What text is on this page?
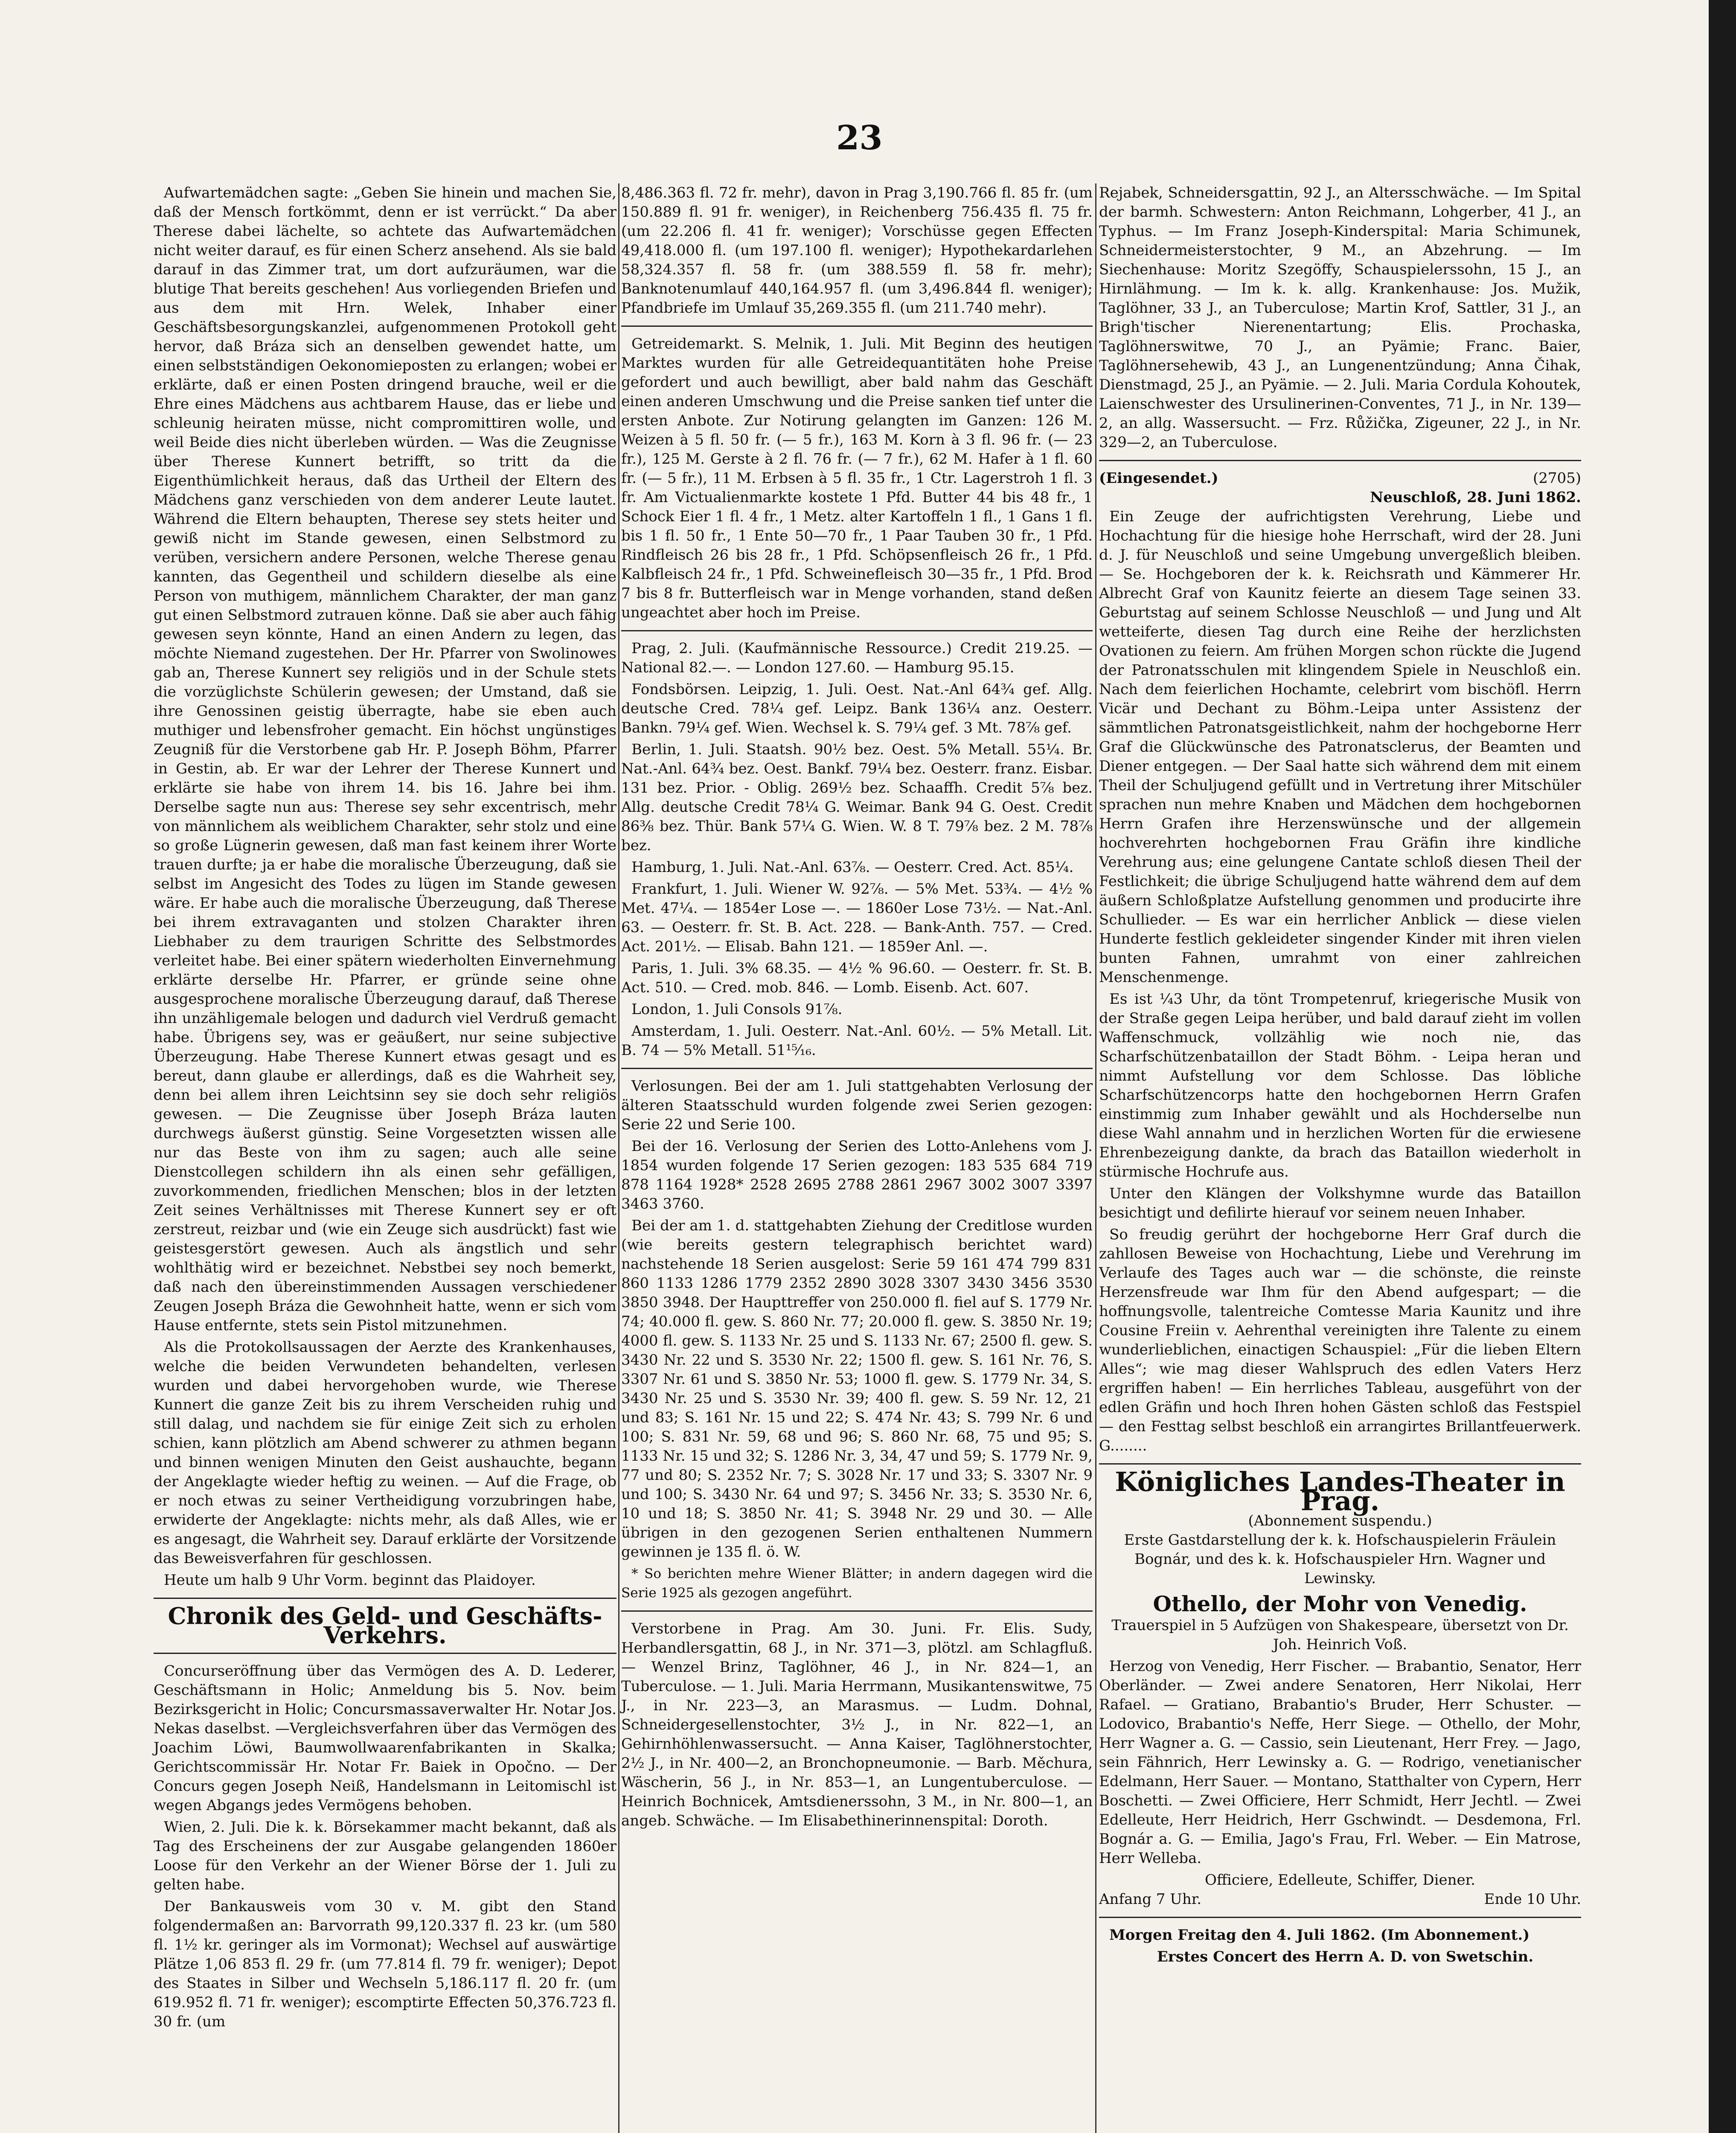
23

Aufwartemädchen sagte: „Geben Sie hinein und machen Sie, daß der Mensch fortkömmt, denn er ist verrückt.“ Da aber Therese dabei lächelte, so achtete das Aufwartemädchen nicht weiter darauf, es für einen Scherz ansehend. Als sie bald darauf in das Zimmer trat, um dort aufzuräumen, war die blutige That bereits geschehen! Aus vorliegenden Briefen und aus dem mit Hrn. Welek, Inhaber einer Geschäftsbesorgungskanzlei, aufgenommenen Protokoll geht hervor, daß Bráza sich an denselben gewendet hatte, um einen selbstständigen Oekonomieposten zu erlangen; wobei er erklärte, daß er einen Posten dringend brauche, weil er die Ehre eines Mädchens aus achtbarem Hause, das er liebe und schleunig heiraten müsse, nicht compromittiren wolle, und weil Beide dies nicht überleben würden. — Was die Zeugnisse über Therese Kunnert betrifft, so tritt da die Eigenthümlichkeit heraus, daß das Urtheil der Eltern des Mädchens ganz verschieden von dem anderer Leute lautet. Während die Eltern behaupten, Therese sey stets heiter und gewiß nicht im Stande gewesen, einen Selbstmord zu verüben, versichern andere Personen, welche Therese genau kannten, das Gegentheil und schildern dieselbe als eine Person von muthigem, männlichem Charakter, der man ganz gut einen Selbstmord zutrauen könne. Daß sie aber auch fähig gewesen seyn könnte, Hand an einen Andern zu legen, das möchte Niemand zugestehen. Der Hr. Pfarrer von Swolinowes gab an, Therese Kunnert sey religiös und in der Schule stets die vorzüglichste Schülerin gewesen; der Umstand, daß sie ihre Genossinen geistig überragte, habe sie eben auch muthiger und lebensfroher gemacht. Ein höchst ungünstiges Zeugniß für die Verstorbene gab Hr. P. Joseph Böhm, Pfarrer in Gestin, ab. Er war der Lehrer der Therese Kunnert und erklärte sie habe von ihrem 14. bis 16. Jahre bei ihm. Derselbe sagte nun aus: Therese sey sehr excentrisch, mehr von männlichem als weiblichem Charakter, sehr stolz und eine so große Lügnerin gewesen, daß man fast keinem ihrer Worte trauen durfte; ja er habe die moralische Überzeugung, daß sie selbst im Angesicht des Todes zu lügen im Stande gewesen wäre. Er habe auch die moralische Überzeugung, daß Therese bei ihrem extravaganten und stolzen Charakter ihren Liebhaber zu dem traurigen Schritte des Selbstmordes verleitet habe. Bei einer spätern wiederholten Einvernehmung erklärte derselbe Hr. Pfarrer, er gründe seine ohne ausgesprochene moralische Überzeugung darauf, daß Therese ihn unzähligemale belogen und dadurch viel Verdruß gemacht habe. Übrigens sey, was er geäußert, nur seine subjective Überzeugung. Habe Therese Kunnert etwas gesagt und es bereut, dann glaube er allerdings, daß es die Wahrheit sey, denn bei allem ihren Leichtsinn sey sie doch sehr religiös gewesen. — Die Zeugnisse über Joseph Bráza lauten durchwegs äußerst günstig. Seine Vorgesetzten wissen alle nur das Beste von ihm zu sagen; auch alle seine Dienstcollegen schildern ihn als einen sehr gefälligen, zuvorkommenden, friedlichen Menschen; blos in der letzten Zeit seines Verhältnisses mit Therese Kunnert sey er oft zerstreut, reizbar und (wie ein Zeuge sich ausdrückt) fast wie geistesgerstört gewesen. Auch als ängstlich und sehr wohlthätig wird er bezeichnet. Nebstbei sey noch bemerkt, daß nach den übereinstimmenden Aussagen verschiedener Zeugen Joseph Bráza die Gewohnheit hatte, wenn er sich vom Hause entfernte, stets sein Pistol mitzunehmen.

Als die Protokollsaussagen der Aerzte des Krankenhauses, welche die beiden Verwundeten behandelten, verlesen wurden und dabei hervorgehoben wurde, wie Therese Kunnert die ganze Zeit bis zu ihrem Verscheiden ruhig und still dalag, und nachdem sie für einige Zeit sich zu erholen schien, kann plötzlich am Abend schwerer zu athmen begann und binnen wenigen Minuten den Geist aushauchte, begann der Angeklagte wieder heftig zu weinen. — Auf die Frage, ob er noch etwas zu seiner Vertheidigung vorzubringen habe, erwiderte der Angeklagte: nichts mehr, als daß Alles, wie er es angesagt, die Wahrheit sey. Darauf erklärte der Vorsitzende das Beweisverfahren für geschlossen.

Heute um halb 9 Uhr Vorm. beginnt das Plaidoyer.

Chronik des Geld- und Geschäfts-Verkehrs.

Concurseröffnung über das Vermögen des A. D. Lederer, Geschäftsmann in Holic; Anmeldung bis 5. Nov. beim Bezirksgericht in Holic; Concursmassaverwalter Hr. Notar Jos. Nekas daselbst. —Vergleichsverfahren über das Vermögen des Joachim Löwi, Baumwollwaarenfabrikanten in Skalka; Gerichtscommissär Hr. Notar Fr. Baiek in Opočno. — Der Concurs gegen Joseph Neiß, Handelsmann in Leitomischl ist wegen Abgangs jedes Vermögens behoben.

Wien, 2. Juli. Die k. k. Börsekammer macht bekannt, daß als Tag des Erscheinens der zur Ausgabe gelangenden 1860er Loose für den Verkehr an der Wiener Börse der 1. Juli zu gelten habe.

Der Bankausweis vom 30 v. M. gibt den Stand folgendermaßen an: Barvorrath 99,120.337 fl. 23 kr. (um 580 fl. 1½ kr. geringer als im Vormonat); Wechsel auf auswärtige Plätze 1,06 853 fl. 29 fr. (um 77.814 fl. 79 fr. weniger); Depot des Staates in Silber und Wechseln 5,186.117 fl. 20 fr. (um 619.952 fl. 71 fr. weniger); escomptirte Effecten 50,376.723 fl. 30 fr. (um

8,486.363 fl. 72 fr. mehr), davon in Prag 3,190.766 fl. 85 fr. (um 150.889 fl. 91 fr. weniger), in Reichenberg 756.435 fl. 75 fr. (um 22.206 fl. 41 fr. weniger); Vorschüsse gegen Effecten 49,418.000 fl. (um 197.100 fl. weniger); Hypothekardarlehen 58,324.357 fl. 58 fr. (um 388.559 fl. 58 fr. mehr); Banknotenumlauf 440,164.957 fl. (um 3,496.844 fl. weniger); Pfandbriefe im Umlauf 35,269.355 fl. (um 211.740 mehr).

Getreidemarkt. S. Melnik, 1. Juli. Mit Beginn des heutigen Marktes wurden für alle Getreidequantitäten hohe Preise gefordert und auch bewilligt, aber bald nahm das Geschäft einen anderen Umschwung und die Preise sanken tief unter die ersten Anbote. Zur Notirung gelangten im Ganzen: 126 M. Weizen à 5 fl. 50 fr. (— 5 fr.), 163 M. Korn à 3 fl. 96 fr. (— 23 fr.), 125 M. Gerste à 2 fl. 76 fr. (— 7 fr.), 62 M. Hafer à 1 fl. 60 fr. (— 5 fr.), 11 M. Erbsen à 5 fl. 35 fr., 1 Ctr. Lagerstroh 1 fl. 3 fr. Am Victualienmarkte kostete 1 Pfd. Butter 44 bis 48 fr., 1 Schock Eier 1 fl. 4 fr., 1 Metz. alter Kartoffeln 1 fl., 1 Gans 1 fl. bis 1 fl. 50 fr., 1 Ente 50—70 fr., 1 Paar Tauben 30 fr., 1 Pfd. Rindfleisch 26 bis 28 fr., 1 Pfd. Schöpsenfleisch 26 fr., 1 Pfd. Kalbfleisch 24 fr., 1 Pfd. Schweinefleisch 30—35 fr., 1 Pfd. Brod 7 bis 8 fr. Butterfleisch war in Menge vorhanden, stand deßen ungeachtet aber hoch im Preise.

Prag, 2. Juli. (Kaufmännische Ressource.) Credit 219.25. — National 82.—. — London 127.60. — Hamburg 95.15.

Fondsbörsen. Leipzig, 1. Juli. Oest. Nat.-Anl 64¾ gef. Allg. deutsche Cred. 78¼ gef. Leipz. Bank 136¼ anz. Oesterr. Bankn. 79¼ gef. Wien. Wechsel k. S. 79¼ gef. 3 Mt. 78⅞ gef.

Berlin, 1. Juli. Staatsh. 90½ bez. Oest. 5% Metall. 55¼. Br. Nat.-Anl. 64¾ bez. Oest. Bankf. 79¼ bez. Oesterr. franz. Eisbar. 131 bez. Prior. - Oblig. 269½ bez. Schaaffh. Credit 5⅞ bez. Allg. deutsche Credit 78¼ G. Weimar. Bank 94 G. Oest. Credit 86⅜ bez. Thür. Bank 57¼ G. Wien. W. 8 T. 79⅞ bez. 2 M. 78⅞ bez.

Hamburg, 1. Juli. Nat.-Anl. 63⅞. — Oesterr. Cred. Act. 85¼.

Frankfurt, 1. Juli. Wiener W. 92⅞. — 5% Met. 53¾. — 4½ % Met. 47¼. — 1854er Lose —. — 1860er Lose 73½. — Nat.-Anl. 63. — Oesterr. fr. St. B. Act. 228. — Bank-Anth. 757. — Cred. Act. 201½. — Elisab. Bahn 121. — 1859er Anl. —.

Paris, 1. Juli. 3% 68.35. — 4½ % 96.60. — Oesterr. fr. St. B. Act. 510. — Cred. mob. 846. — Lomb. Eisenb. Act. 607.

London, 1. Juli Consols 91⅞.

Amsterdam, 1. Juli. Oesterr. Nat.-Anl. 60½. — 5% Metall. Lit. B. 74 — 5% Metall. 51¹⁵⁄₁₆.

Verlosungen. Bei der am 1. Juli stattgehabten Verlosung der älteren Staatsschuld wurden folgende zwei Serien gezogen: Serie 22 und Serie 100.

Bei der 16. Verlosung der Serien des Lotto-Anlehens vom J. 1854 wurden folgende 17 Serien gezogen: 183 535 684 719 878 1164 1928* 2528 2695 2788 2861 2967 3002 3007 3397 3463 3760.

Bei der am 1. d. stattgehabten Ziehung der Creditlose wurden (wie bereits gestern telegraphisch berichtet ward) nachstehende 18 Serien ausgelost: Serie 59 161 474 799 831 860 1133 1286 1779 2352 2890 3028 3307 3430 3456 3530 3850 3948. Der Haupttreffer von 250.000 fl. fiel auf S. 1779 Nr. 74; 40.000 fl. gew. S. 860 Nr. 77; 20.000 fl. gew. S. 3850 Nr. 19; 4000 fl. gew. S. 1133 Nr. 25 und S. 1133 Nr. 67; 2500 fl. gew. S. 3430 Nr. 22 und S. 3530 Nr. 22; 1500 fl. gew. S. 161 Nr. 76, S. 3307 Nr. 61 und S. 3850 Nr. 53; 1000 fl. gew. S. 1779 Nr. 34, S. 3430 Nr. 25 und S. 3530 Nr. 39; 400 fl. gew. S. 59 Nr. 12, 21 und 83; S. 161 Nr. 15 und 22; S. 474 Nr. 43; S. 799 Nr. 6 und 100; S. 831 Nr. 59, 68 und 96; S. 860 Nr. 68, 75 und 95; S. 1133 Nr. 15 und 32; S. 1286 Nr. 3, 34, 47 und 59; S. 1779 Nr. 9, 77 und 80; S. 2352 Nr. 7; S. 3028 Nr. 17 und 33; S. 3307 Nr. 9 und 100; S. 3430 Nr. 64 und 97; S. 3456 Nr. 33; S. 3530 Nr. 6, 10 und 18; S. 3850 Nr. 41; S. 3948 Nr. 29 und 30. — Alle übrigen in den gezogenen Serien enthaltenen Nummern gewinnen je 135 fl. ö. W.

* So berichten mehre Wiener Blätter; in andern dagegen wird die Serie 1925 als gezogen angeführt.

Verstorbene in Prag. Am 30. Juni. Fr. Elis. Sudy, Herbandlersgattin, 68 J., in Nr. 371—3, plötzl. am Schlagfluß. — Wenzel Brinz, Taglöhner, 46 J., in Nr. 824—1, an Tuberculose. — 1. Juli. Maria Herrmann, Musikantenswitwe, 75 J., in Nr. 223—3, an Marasmus. — Ludm. Dohnal, Schneidergesellenstochter, 3½ J., in Nr. 822—1, an Gehirnhöhlenwassersucht. — Anna Kaiser, Taglöhnerstochter, 2½ J., in Nr. 400—2, an Bronchopneumonie. — Barb. Měchura, Wäscherin, 56 J., in Nr. 853—1, an Lungentuberculose. — Heinrich Bochnicek, Amtsdienerssohn, 3 M., in Nr. 800—1, an angeb. Schwäche. — Im Elisabethinerinnenspital: Doroth.

Rejabek, Schneidersgattin, 92 J., an Altersschwäche. — Im Spital der barmh. Schwestern: Anton Reichmann, Lohgerber, 41 J., an Typhus. — Im Franz Joseph-Kinderspital: Maria Schimunek, Schneidermeisterstochter, 9 M., an Abzehrung. — Im Siechenhause: Moritz Szegöffy, Schauspielerssohn, 15 J., an Hirnlähmung. — Im k. k. allg. Krankenhause: Jos. Mužik, Taglöhner, 33 J., an Tuberculose; Martin Krof, Sattler, 31 J., an Brigh'tischer Nierenentartung; Elis. Prochaska, Taglöhnerswitwe, 70 J., an Pyämie; Franc. Baier, Taglöhnersehewib, 43 J., an Lungenentzündung; Anna Čihak, Dienstmagd, 25 J., an Pyämie. — 2. Juli. Maria Cordula Kohoutek, Laienschwester des Ursulinerinen-Conventes, 71 J., in Nr. 139—2, an allg. Wassersucht. — Frz. Růžička, Zigeuner, 22 J., in Nr. 329—2, an Tuberculose.

(Eingesendet.)	(2705)
Neuschloß, 28. Juni 1862.

Ein Zeuge der aufrichtigsten Verehrung, Liebe und Hochachtung für die hiesige hohe Herrschaft, wird der 28. Juni d. J. für Neuschloß und seine Umgebung unvergeßlich bleiben. — Se. Hochgeboren der k. k. Reichsrath und Kämmerer Hr. Albrecht Graf von Kaunitz feierte an diesem Tage seinen 33. Geburtstag auf seinem Schlosse Neuschloß — und Jung und Alt wetteiferte, diesen Tag durch eine Reihe der herzlichsten Ovationen zu feiern. Am frühen Morgen schon rückte die Jugend der Patronatsschulen mit klingendem Spiele in Neuschloß ein. Nach dem feierlichen Hochamte, celebrirt vom bischöfl. Herrn Vicär und Dechant zu Böhm.-Leipa unter Assistenz der sämmtlichen Patronatsgeistlichkeit, nahm der hochgeborne Herr Graf die Glückwünsche des Patronatsclerus, der Beamten und Diener entgegen. — Der Saal hatte sich während dem mit einem Theil der Schuljugend gefüllt und in Vertretung ihrer Mitschüler sprachen nun mehre Knaben und Mädchen dem hochgebornen Herrn Grafen ihre Herzenswünsche und der allgemein hochverehrten hochgebornen Frau Gräfin ihre kindliche Verehrung aus; eine gelungene Cantate schloß diesen Theil der Festlichkeit; die übrige Schuljugend hatte während dem auf dem äußern Schloßplatze Aufstellung genommen und producirte ihre Schullieder. — Es war ein herrlicher Anblick — diese vielen Hunderte festlich gekleideter singender Kinder mit ihren vielen bunten Fahnen, umrahmt von einer zahlreichen Menschenmenge.

Es ist ¼3 Uhr, da tönt Trompetenruf, kriegerische Musik von der Straße gegen Leipa herüber, und bald darauf zieht im vollen Waffenschmuck, vollzählig wie noch nie, das Scharfschützenbataillon der Stadt Böhm. - Leipa heran und nimmt Aufstellung vor dem Schlosse. Das löbliche Scharfschützencorps hatte den hochgebornen Herrn Grafen einstimmig zum Inhaber gewählt und als Hochderselbe nun diese Wahl annahm und in herzlichen Worten für die erwiesene Ehrenbezeigung dankte, da brach das Bataillon wiederholt in stürmische Hochrufe aus.

Unter den Klängen der Volkshymne wurde das Bataillon besichtigt und defilirte hierauf vor seinem neuen Inhaber.

So freudig gerührt der hochgeborne Herr Graf durch die zahllosen Beweise von Hochachtung, Liebe und Verehrung im Verlaufe des Tages auch war — die schönste, die reinste Herzensfreude war Ihm für den Abend aufgespart; — die hoffnungsvolle, talentreiche Comtesse Maria Kaunitz und ihre Cousine Freiin v. Aehrenthal vereinigten ihre Talente zu einem wunderlieblichen, einactigen Schauspiel: „Für die lieben Eltern Alles“; wie mag dieser Wahlspruch des edlen Vaters Herz ergriffen haben! — Ein herrliches Tableau, ausgeführt von der edlen Gräfin und hoch Ihren hohen Gästen schloß das Festspiel — den Festtag selbst beschloß ein arrangirtes Brillantfeuerwerk. G........

Königliches Landes-Theater in Prag.
(Abonnement suspendu.)

Erste Gastdarstellung der k. k. Hofschauspielerin Fräulein Bognár, und des k. k. Hofschauspieler Hrn. Wagner und Lewinsky.

Othello, der Mohr von Venedig.

Trauerspiel in 5 Aufzügen von Shakespeare, übersetzt von Dr. Joh. Heinrich Voß.

Herzog von Venedig, Herr Fischer. — Brabantio, Senator, Herr Oberländer. — Zwei andere Senatoren, Herr Nikolai, Herr Rafael. — Gratiano, Brabantio's Bruder, Herr Schuster. — Lodovico, Brabantio's Neffe, Herr Siege. — Othello, der Mohr, Herr Wagner a. G. — Cassio, sein Lieutenant, Herr Frey. — Jago, sein Fähnrich, Herr Lewinsky a. G. — Rodrigo, venetianischer Edelmann, Herr Sauer. — Montano, Statthalter von Cypern, Herr Boschetti. — Zwei Officiere, Herr Schmidt, Herr Jechtl. — Zwei Edelleute, Herr Heidrich, Herr Gschwindt. — Desdemona, Frl. Bognár a. G. — Emilia, Jago's Frau, Frl. Weber. — Ein Matrose, Herr Welleba.

Officiere, Edelleute, Schiffer, Diener.
Anfang 7 Uhr.	Ende 10 Uhr.

Morgen Freitag den 4. Juli 1862. (Im Abonnement.)

Erstes Concert des Herrn A. D. von Swetschin.
